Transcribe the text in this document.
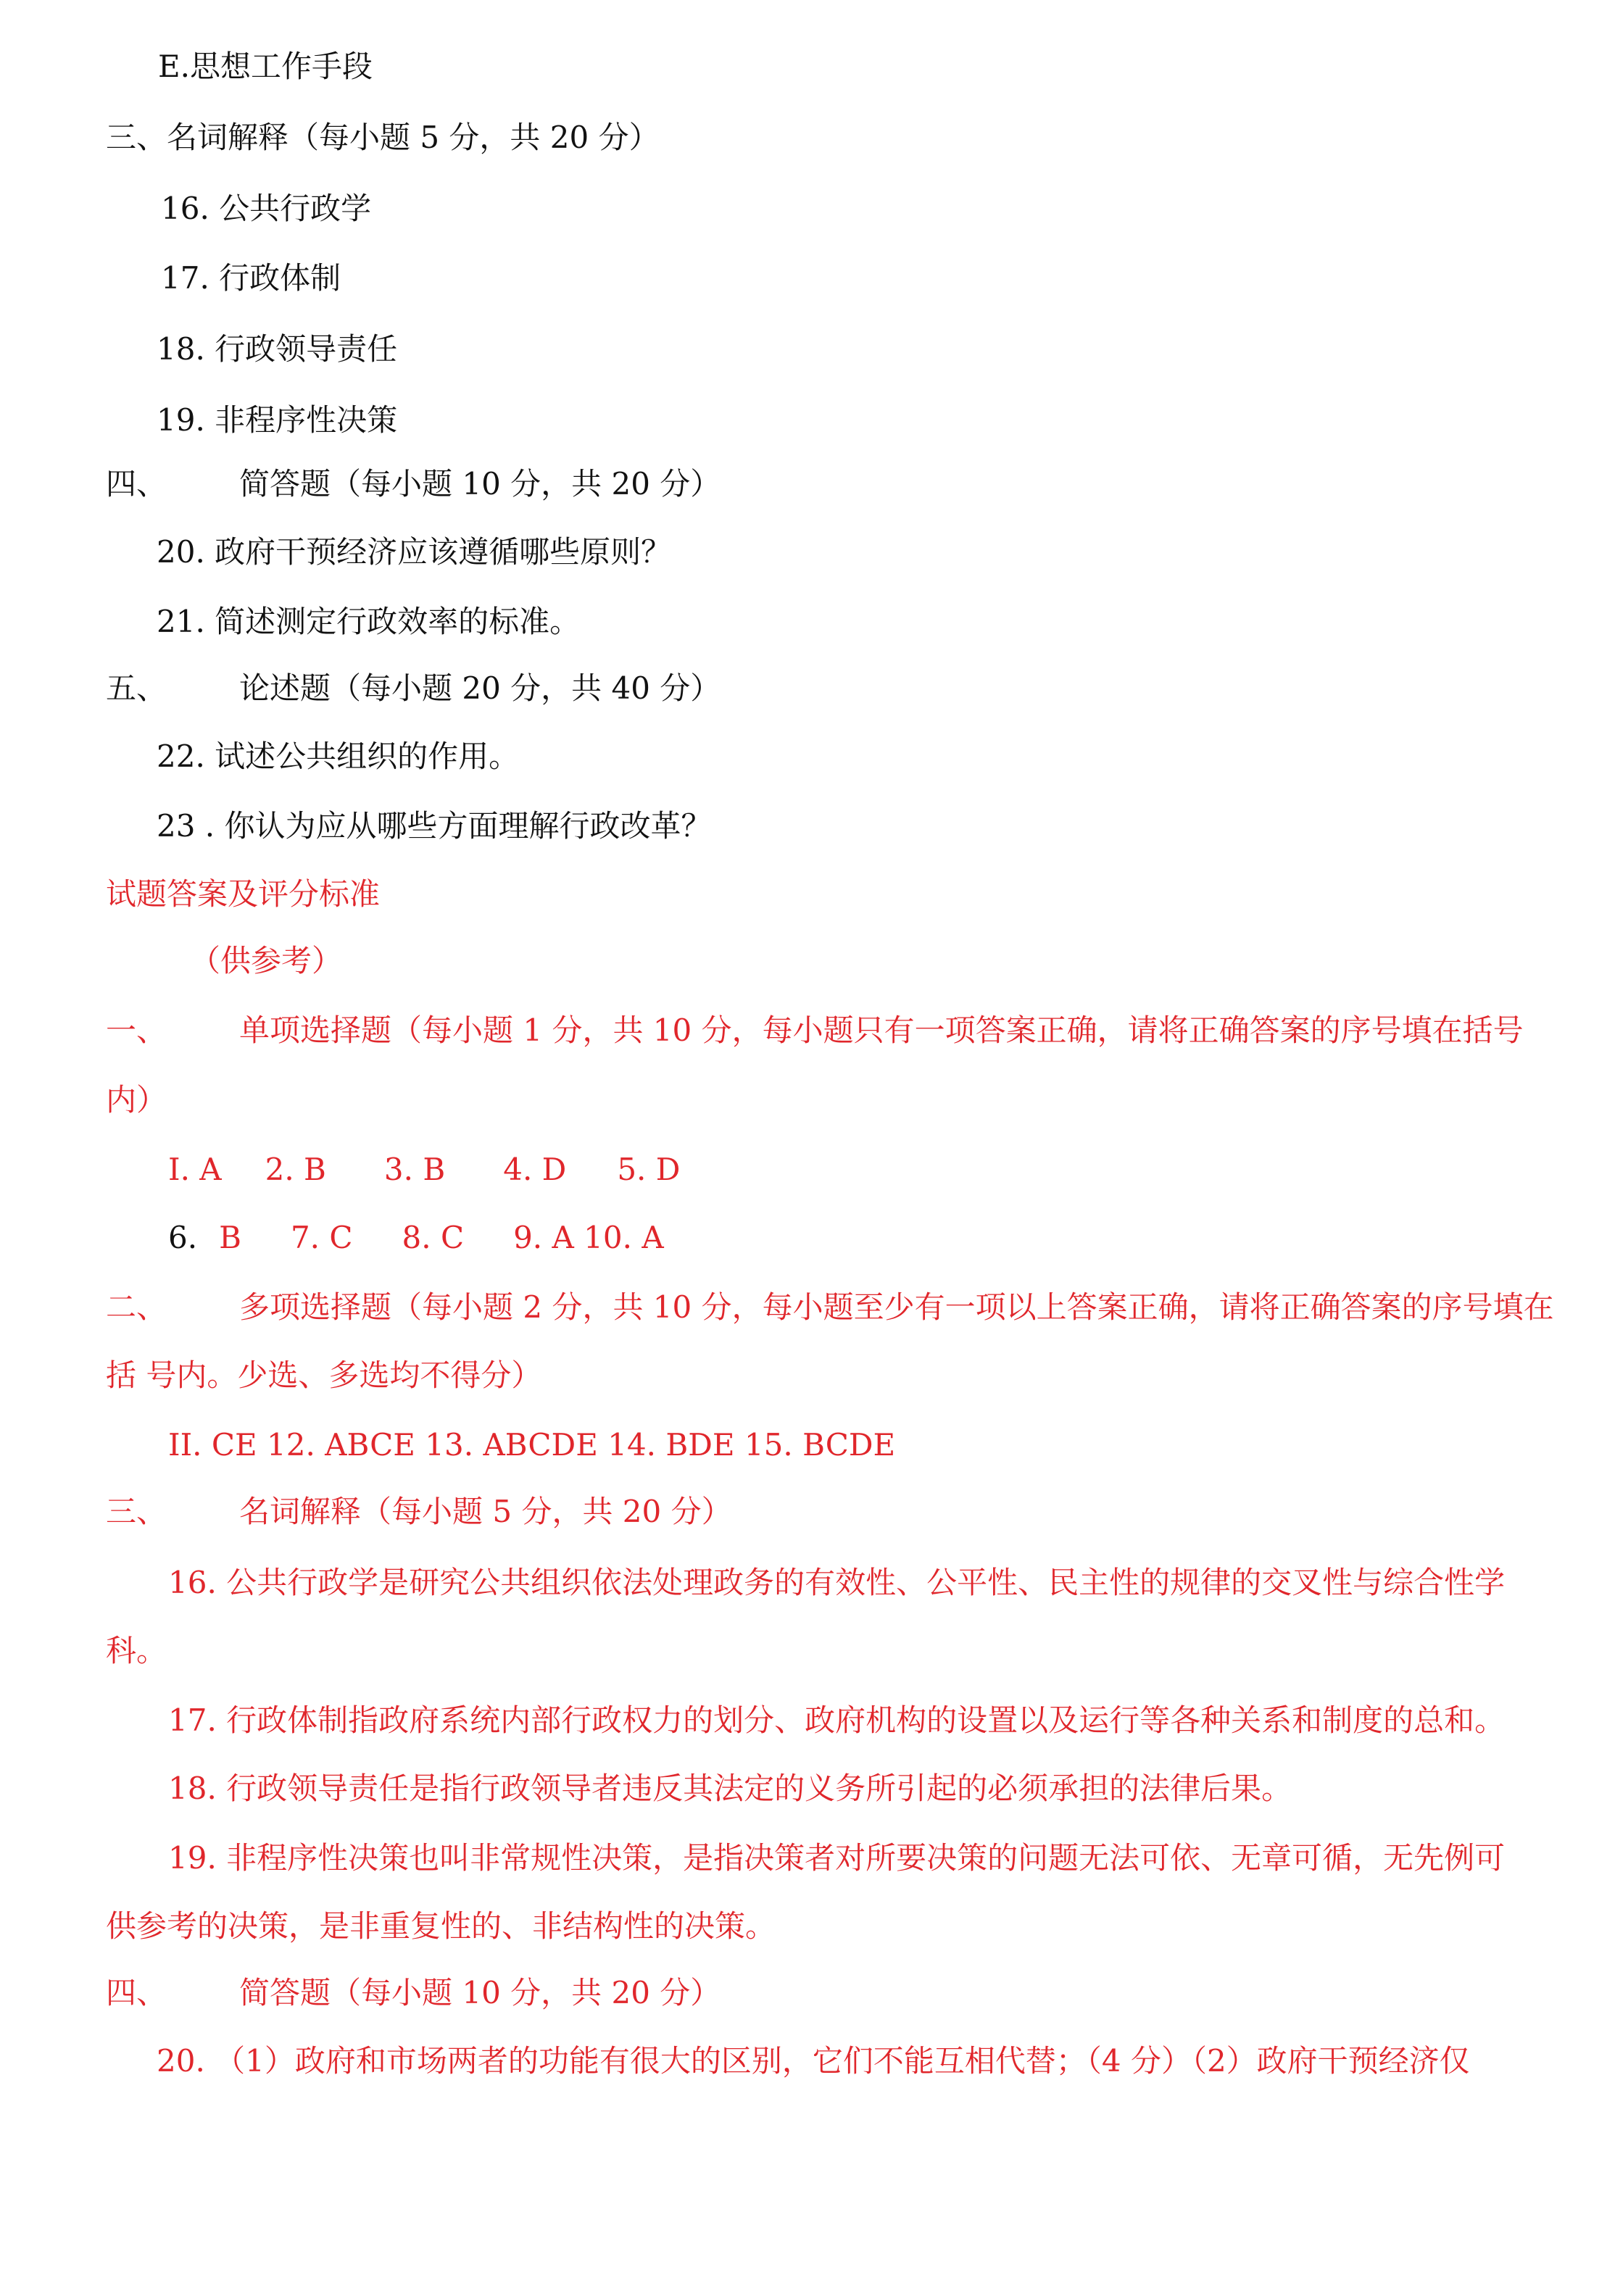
E.思想工作手段
三、名词解释（每小题 5 分，共 20 分）
16. 公共行政学
17. 行政体制
18. 行政领导责任
19. 非程序性决策
四、 简答题（每小题 10 分，共 20 分）
20. 政府干预经济应该遵循哪些原则？
21. 简述测定行政效率的标准。
五、 论述题（每小题 20 分，共 40 分）
22. 试述公共组织的作用。
23 . 你认为应从哪些方面理解行政改革？
试题答案及评分标准
（供参考）
一、 单项选择题（每小题 1 分，共 10 分，每小题只有一项答案正确，请将正确答案的序号填在括号
内）
I. A 2. B 3. B 4. D 5. D
6. B 7. C 8. C 9. A 10. A
二、 多项选择题（每小题 2 分，共 10 分，每小题至少有一项以上答案正确，请将正确答案的序号填在
括 号内。少选、多选均不得分）
II. CE 12. ABCE 13. ABCDE 14. BDE 15. BCDE
三、 名词解释（每小题 5 分，共 20 分）
16. 公共行政学是研究公共组织依法处理政务的有效性、公平性、民主性的规律的交叉性与综合性学
科。
17. 行政体制指政府系统内部行政权力的划分、政府机构的设置以及运行等各种关系和制度的总和。
18. 行政领导责任是指行政领导者违反其法定的义务所引起的必须承担的法律后果。
19. 非程序性决策也叫非常规性决策，是指决策者对所要决策的问题无法可依、无章可循，无先例可
供参考的决策，是非重复性的、非结构性的决策。
四、 简答题（每小题 10 分，共 20 分）
20. （1）政府和市场两者的功能有很大的区别，它们不能互相代替；（4 分）（2）政府干预经济仅
